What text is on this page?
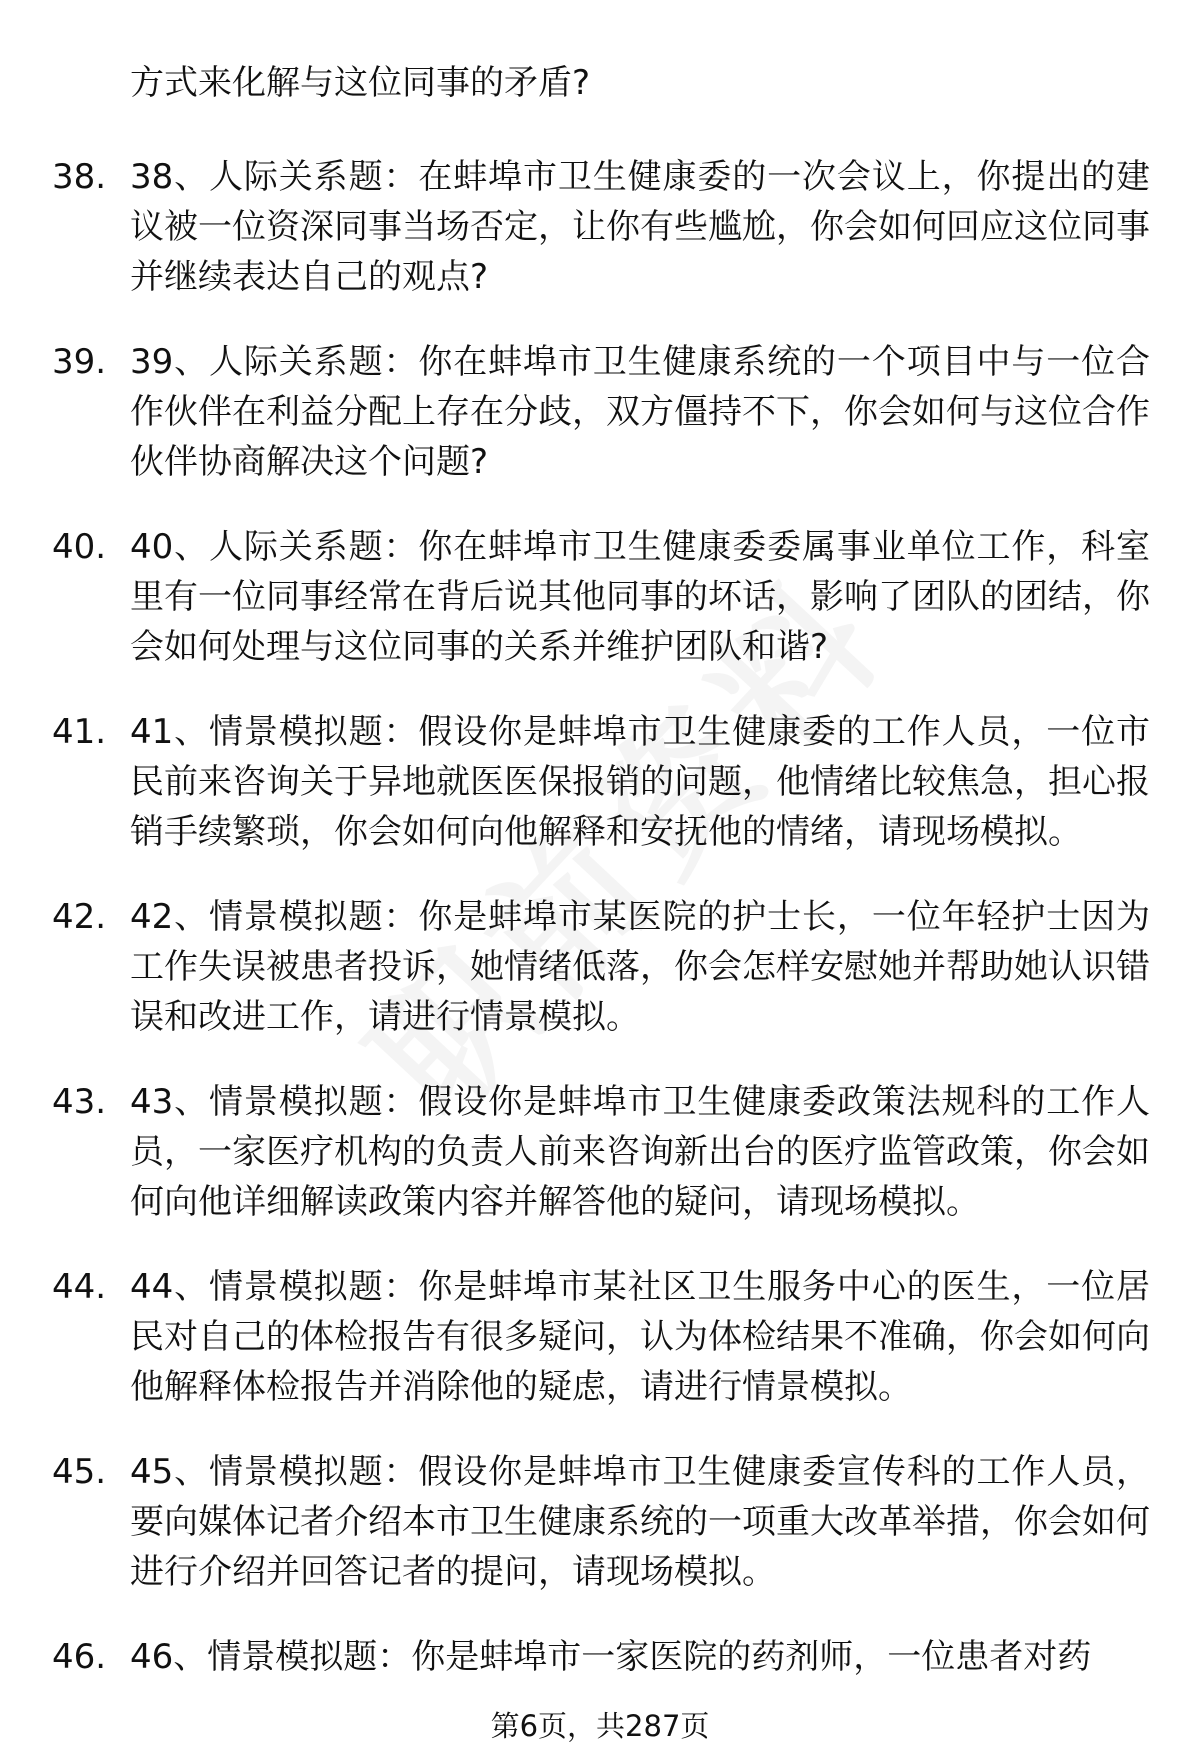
方式来化解与这位同事的矛盾?

38. 38、人际关系题：在蚌埠市卫生健康委的一次会议上，你提出的建议被一位资深同事当场否定，让你有些尴尬，你会如何回应这位同事并继续表达自己的观点?
39. 39、人际关系题：你在蚌埠市卫生健康系统的一个项目中与一位合作伙伴在利益分配上存在分歧，双方僵持不下，你会如何与这位合作伙伴协商解决这个问题?
40. 40、人际关系题：你在蚌埠市卫生健康委委属事业单位工作，科室里有一位同事经常在背后说其他同事的坏话，影响了团队的团结，你会如何处理与这位同事的关系并维护团队和谐?
41. 41、情景模拟题：假设你是蚌埠市卫生健康委的工作人员，一位市民前来咨询关于异地就医医保报销的问题，他情绪比较焦急，担心报销手续繁琐，你会如何向他解释和安抚他的情绪，请现场模拟。
42. 42、情景模拟题：你是蚌埠市某医院的护士长，一位年轻护士因为工作失误被患者投诉，她情绪低落，你会怎样安慰她并帮助她认识错误和改进工作，请进行情景模拟。
43. 43、情景模拟题：假设你是蚌埠市卫生健康委政策法规科的工作人员，一家医疗机构的负责人前来咨询新出台的医疗监管政策，你会如何向他详细解读政策内容并解答他的疑问，请现场模拟。
44. 44、情景模拟题：你是蚌埠市某社区卫生服务中心的医生，一位居民对自己的体检报告有很多疑问，认为体检结果不准确，你会如何向他解释体检报告并消除他的疑虑，请进行情景模拟。
45. 45、情景模拟题：假设你是蚌埠市卫生健康委宣传科的工作人员，要向媒体记者介绍本市卫生健康系统的一项重大改革举措，你会如何进行介绍并回答记者的提问，请现场模拟。
46. 46、情景模拟题：你是蚌埠市一家医院的药剂师，一位患者对药

第6页，共287页
